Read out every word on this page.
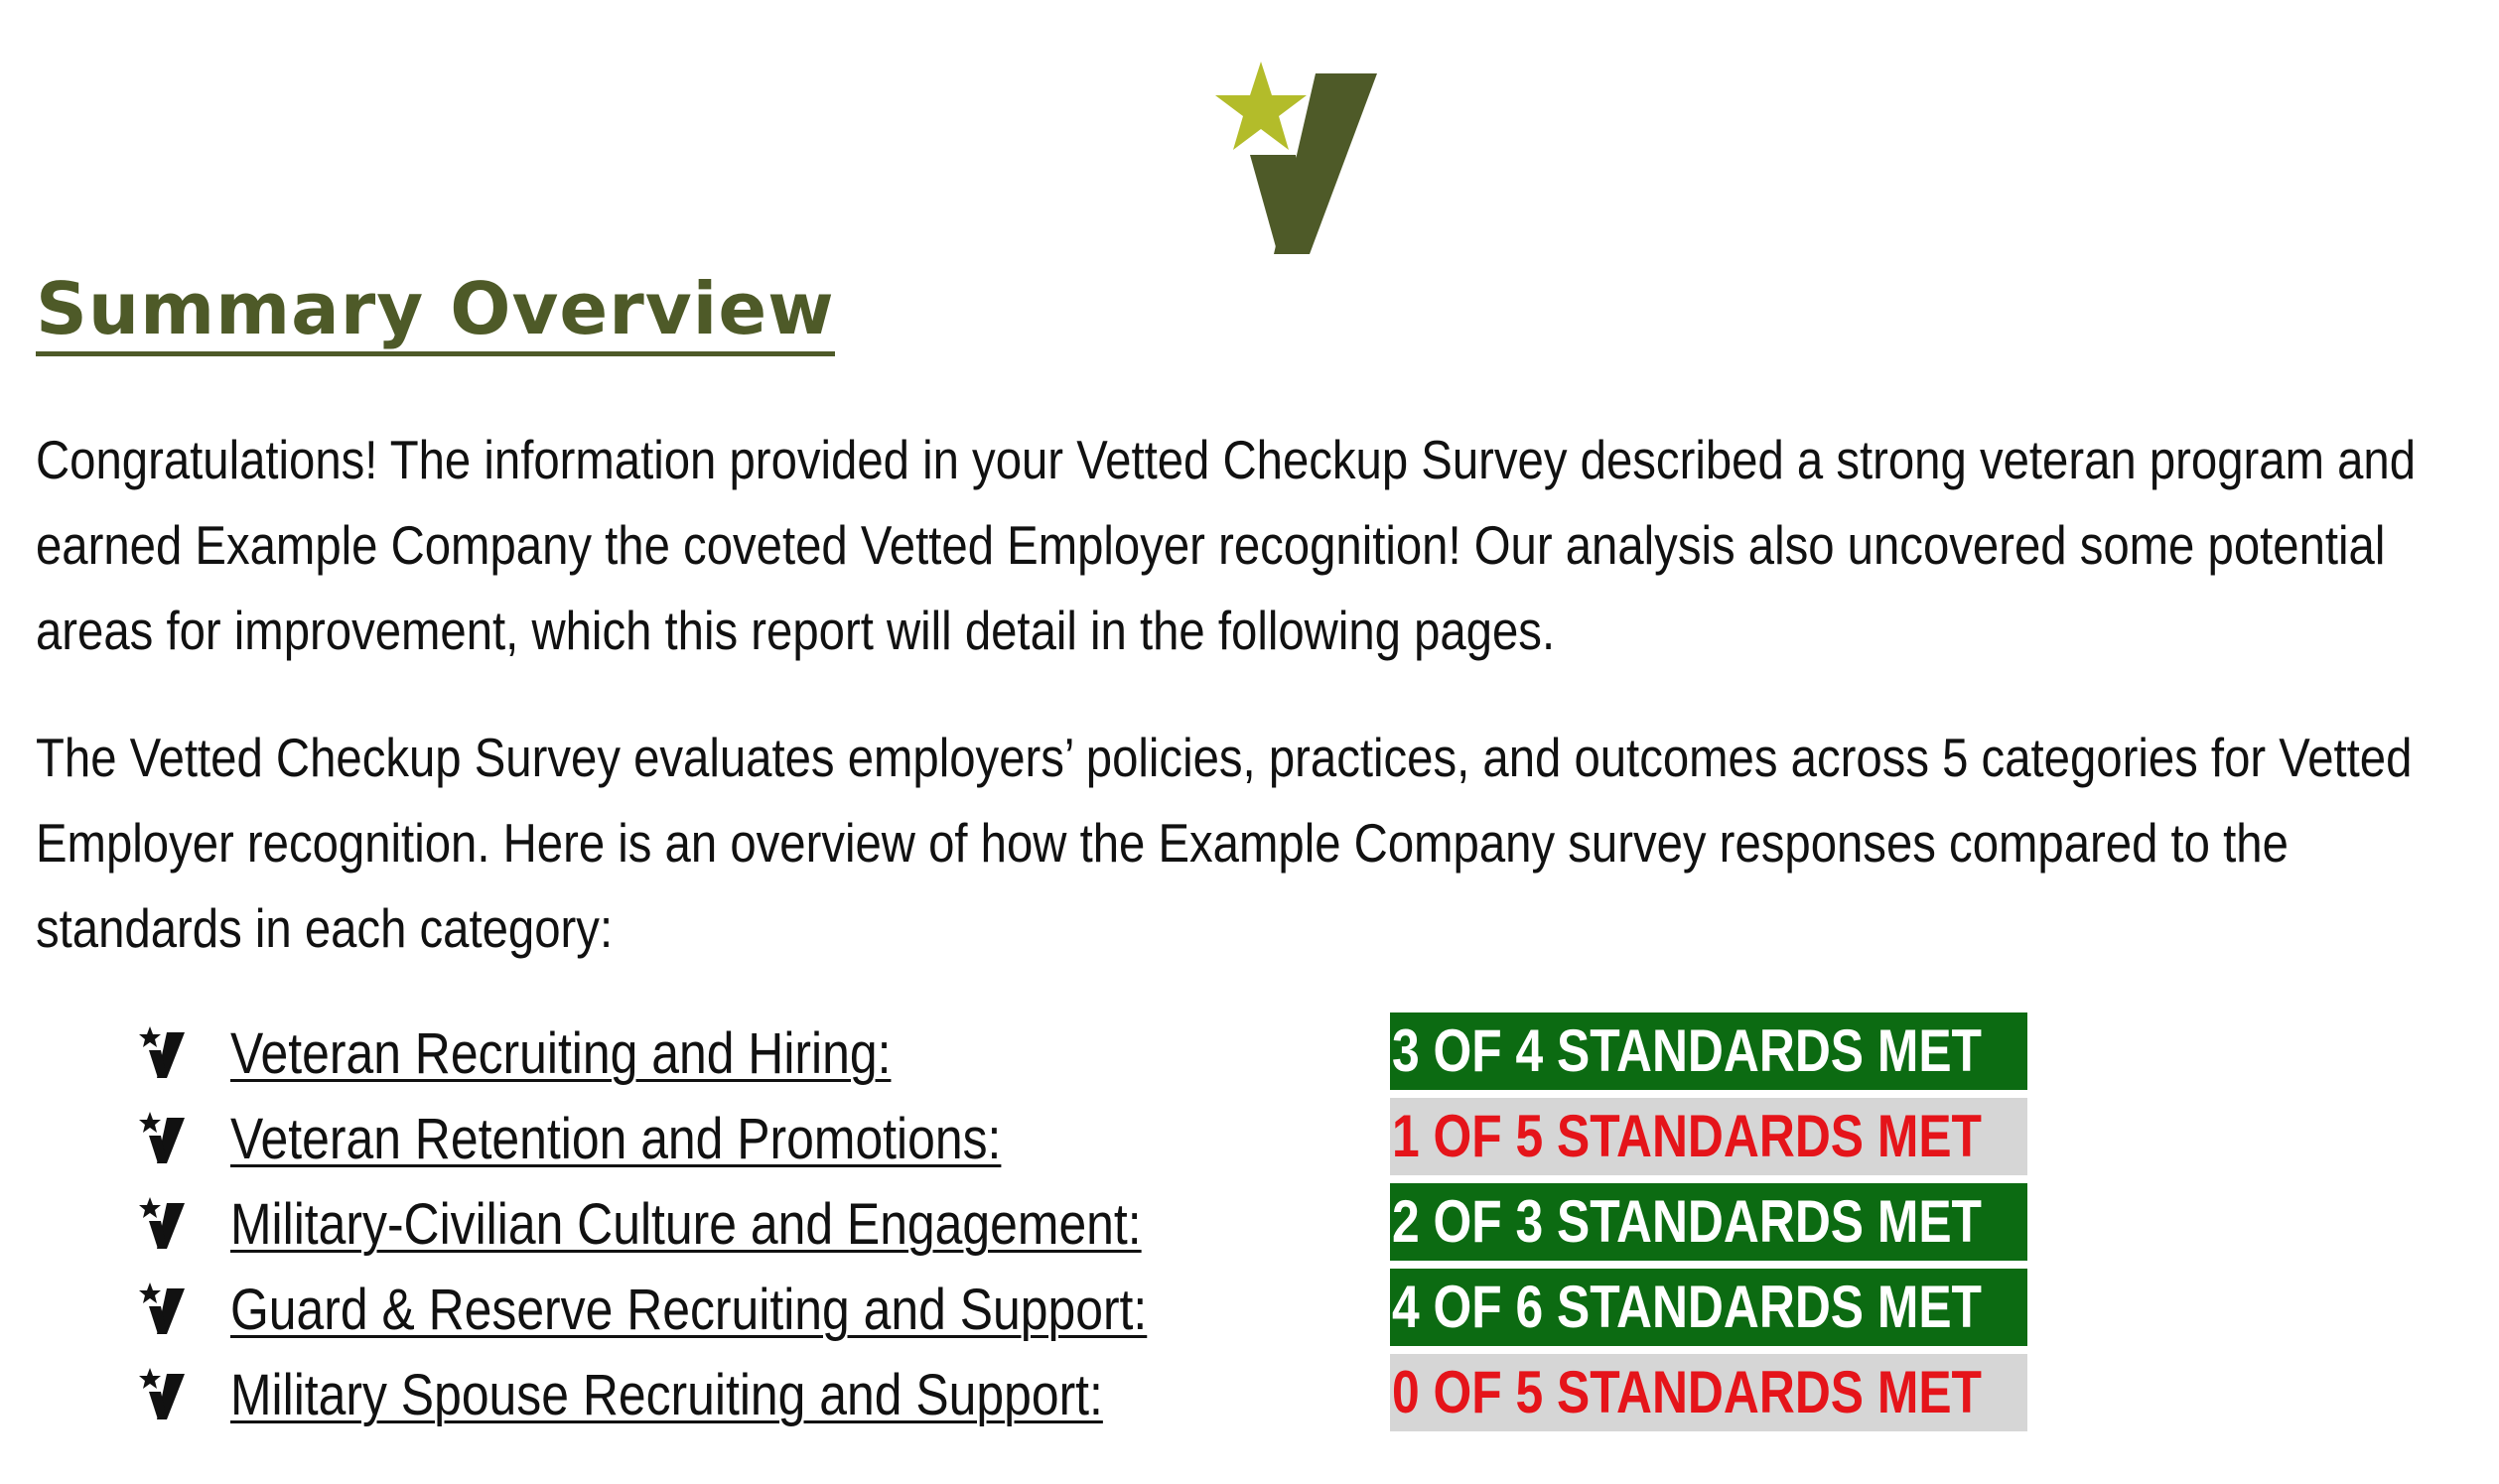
Summary Overview

Congratulations! The information provided in your Vetted Checkup Survey described a strong veteran program and earned Example Company the coveted Vetted Employer recognition! Our analysis also uncovered some potential areas for improvement, which this report will detail in the following pages.

The Vetted Checkup Survey evaluates employers’ policies, practices, and outcomes across 5 categories for Vetted Employer recognition. Here is an overview of how the Example Company survey responses compared to the standards in each category:

Veteran Recruiting and Hiring:	3 OF 4 STANDARDS MET
Veteran Retention and Promotions:	1 OF 5 STANDARDS MET
Military-Civilian Culture and Engagement:	2 OF 3 STANDARDS MET
Guard & Reserve Recruiting and Support:	4 OF 6 STANDARDS MET
Military Spouse Recruiting and Support:	0 OF 5 STANDARDS MET
